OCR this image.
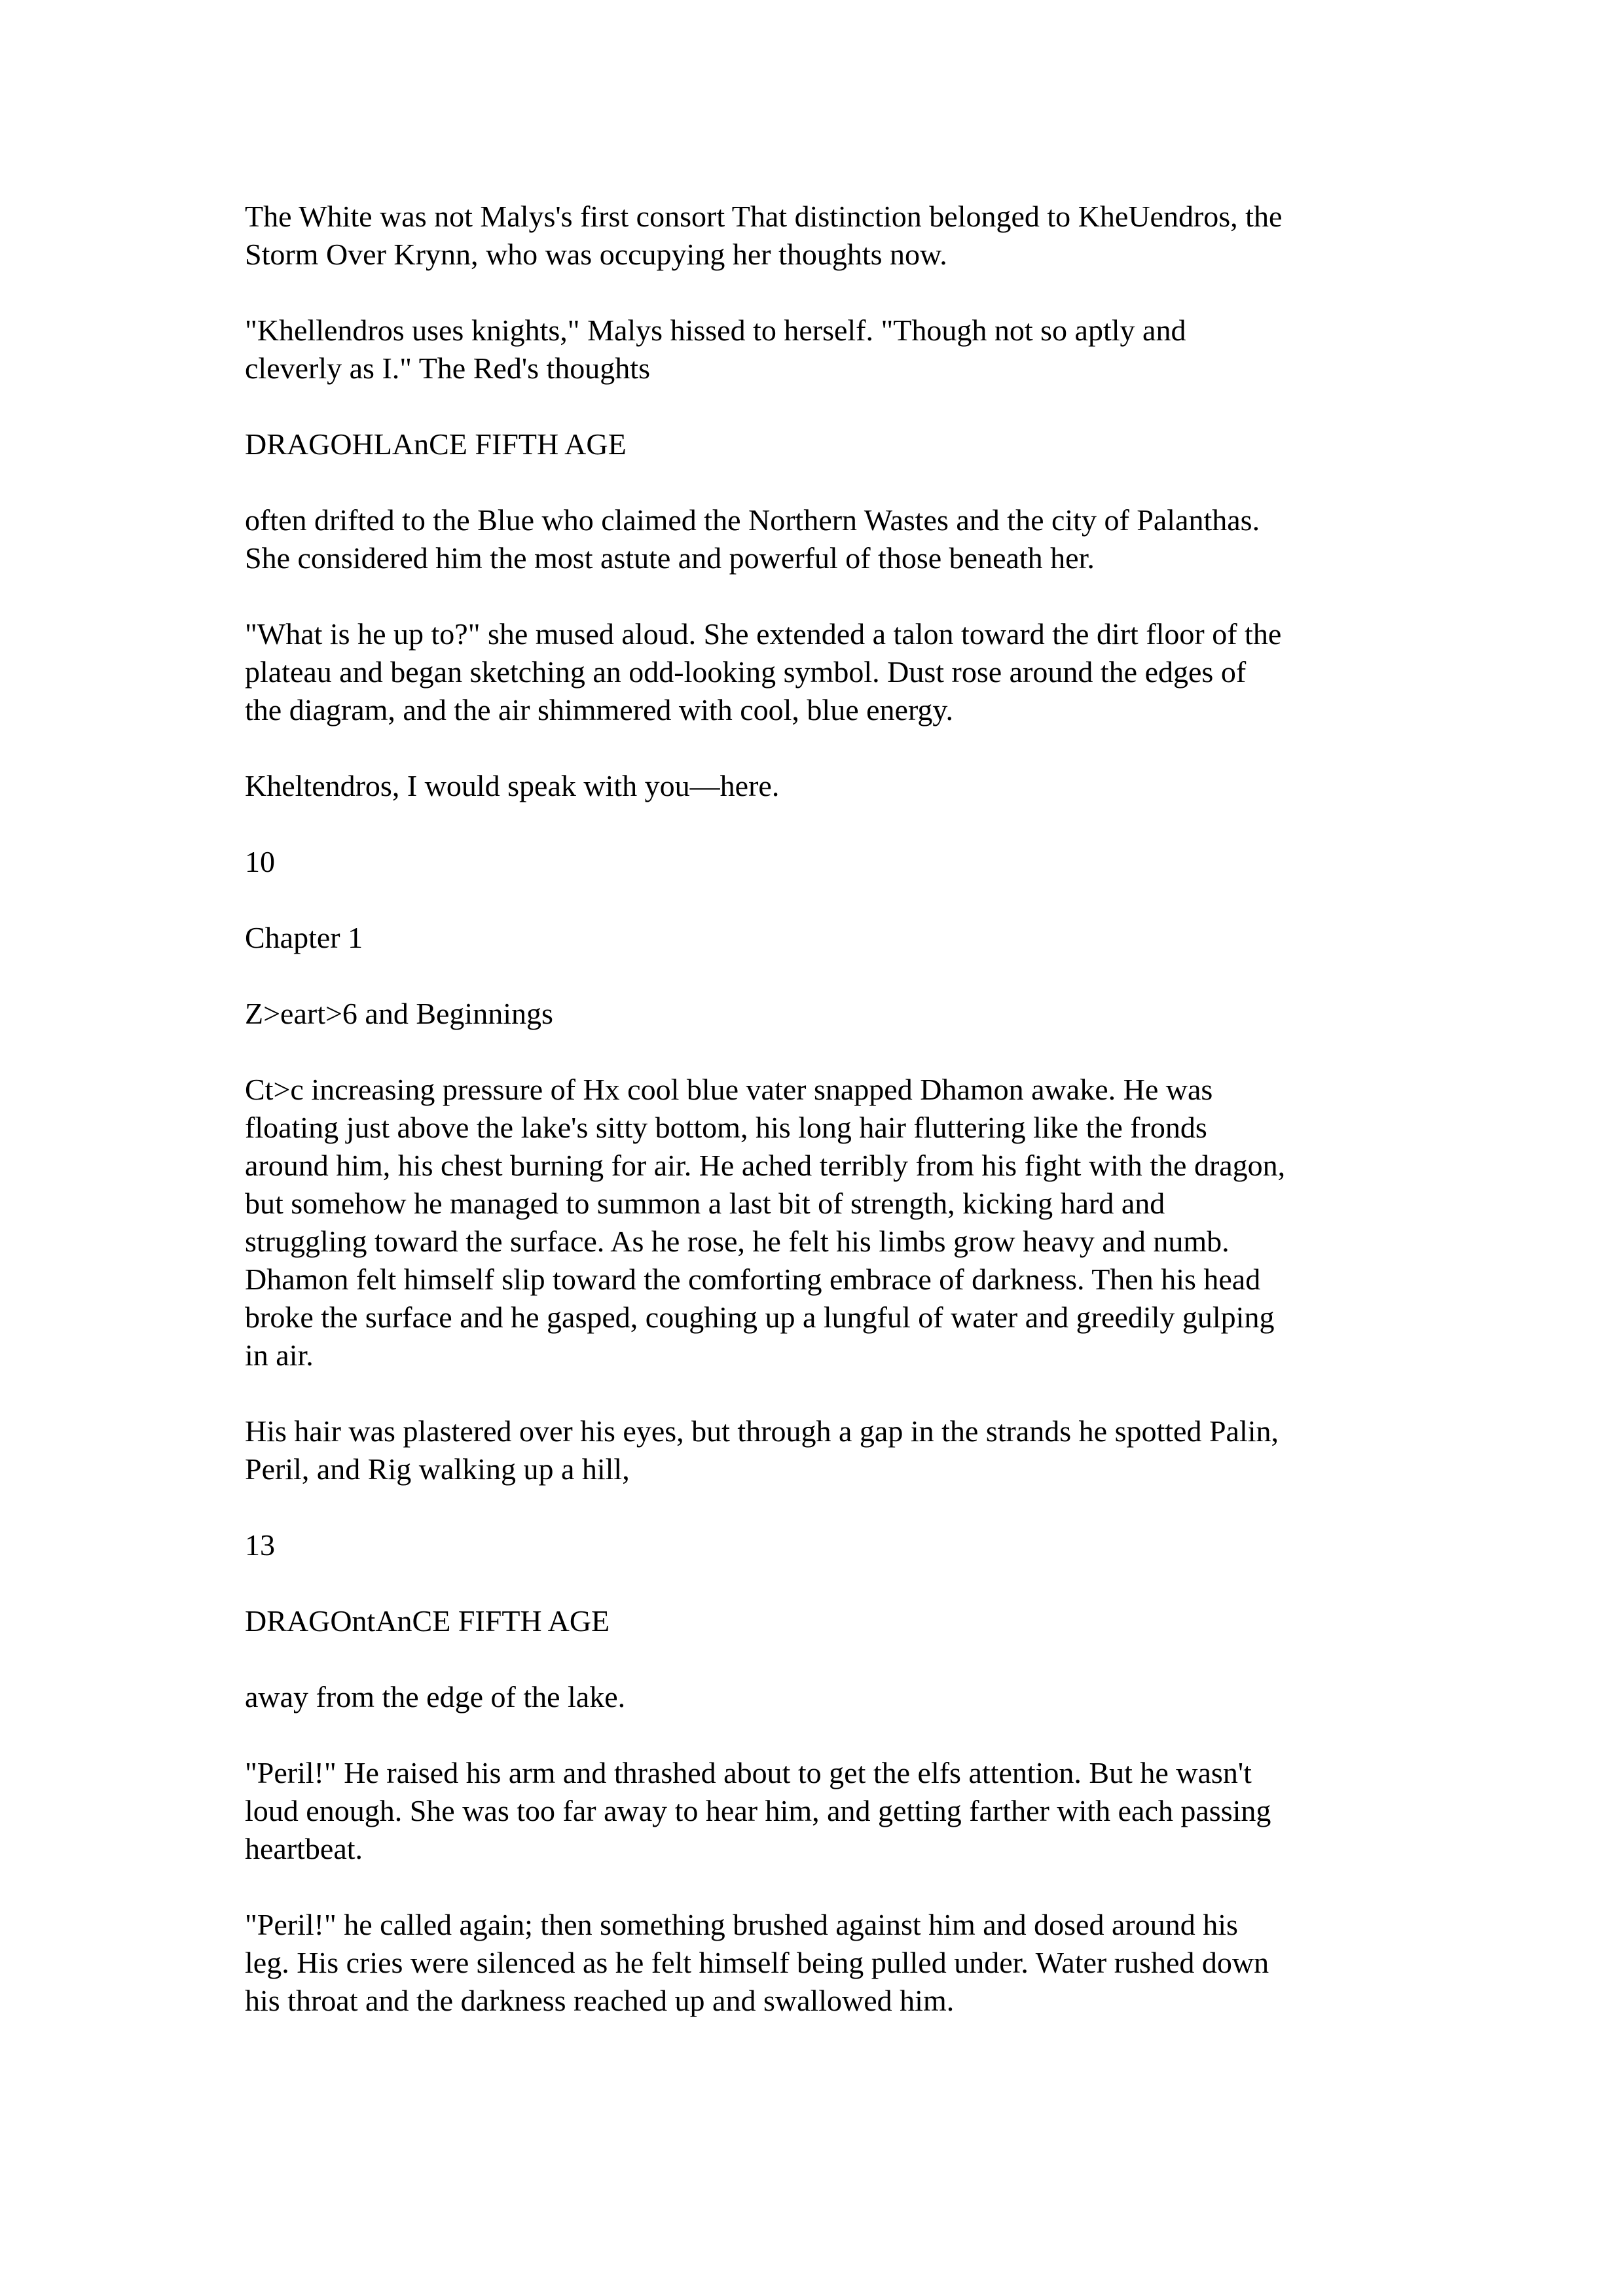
The White was not Malys's first consort That distinction belonged to KheUendros, the
Storm Over Krynn, who was occupying her thoughts now.

"Khellendros uses knights," Malys hissed to herself. "Though not so aptly and
cleverly as I." The Red's thoughts

DRAGOHLAnCE FIFTH AGE

often drifted to the Blue who claimed the Northern Wastes and the city of Palanthas.
She considered him the most astute and powerful of those beneath her.

"What is he up to?" she mused aloud. She extended a talon toward the dirt floor of the
plateau and began sketching an odd-looking symbol. Dust rose around the edges of
the diagram, and the air shimmered with cool, blue energy.

Kheltendros, I would speak with you—here.

10

Chapter 1

Z>eart>6 and Beginnings

Ct>c increasing pressure of Hx cool blue vater snapped Dhamon awake. He was
floating just above the lake's sitty bottom, his long hair fluttering like the fronds
around him, his chest burning for air. He ached terribly from his fight with the dragon,
but somehow he managed to summon a last bit of strength, kicking hard and
struggling toward the surface. As he rose, he felt his limbs grow heavy and numb.
Dhamon felt himself slip toward the comforting embrace of darkness. Then his head
broke the surface and he gasped, coughing up a lungful of water and greedily gulping
in air.

His hair was plastered over his eyes, but through a gap in the strands he spotted Palin,
Peril, and Rig walking up a hill,

13

DRAGOntAnCE FIFTH AGE

away from the edge of the lake.

"Peril!" He raised his arm and thrashed about to get the elfs attention. But he wasn't
loud enough. She was too far away to hear him, and getting farther with each passing
heartbeat.

"Peril!" he called again; then something brushed against him and dosed around his
leg. His cries were silenced as he felt himself being pulled under. Water rushed down
his throat and the darkness reached up and swallowed him.
